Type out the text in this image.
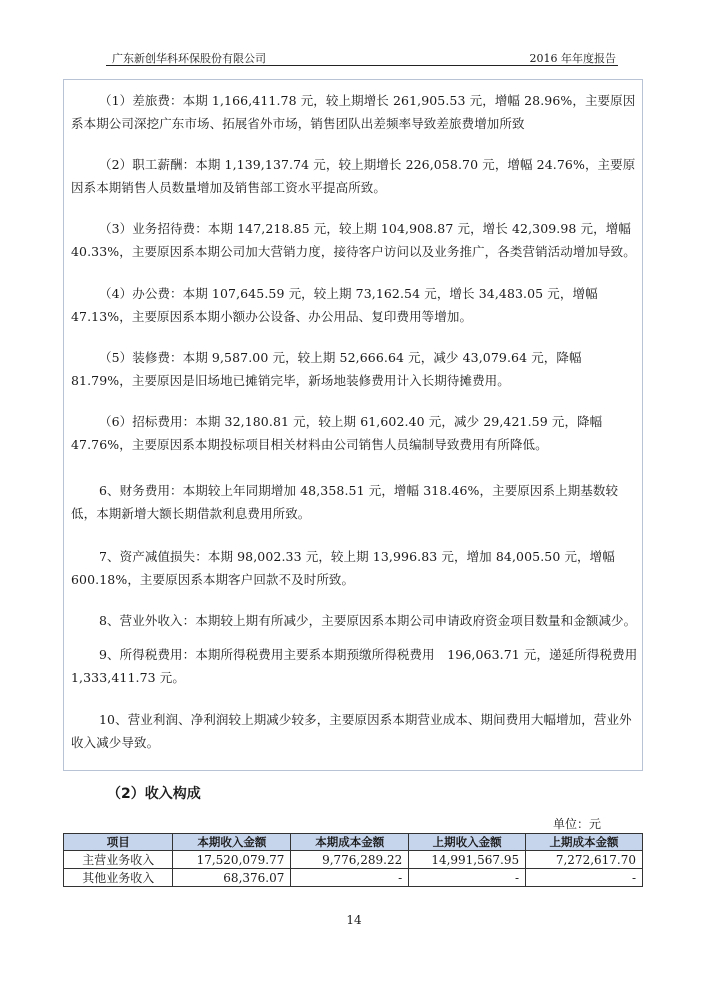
广东新创华科环保股份有限公司	2016 年年度报告

（1）差旅费：本期 1,166,411.78 元，较上期增长 261,905.53 元，增幅 28.96%，主要原因系本期公司深挖广东市场、拓展省外市场，销售团队出差频率导致差旅费增加所致

（2）职工薪酬：本期 1,139,137.74 元，较上期增长 226,058.70 元，增幅 24.76%，主要原因系本期销售人员数量增加及销售部工资水平提高所致。

（3）业务招待费：本期 147,218.85 元，较上期 104,908.87 元，增长 42,309.98 元，增幅 40.33%，主要原因系本期公司加大营销力度，接待客户访问以及业务推广，各类营销活动增加导致。

（4）办公费：本期 107,645.59 元，较上期 73,162.54 元，增长 34,483.05 元，增幅 47.13%，主要原因系本期小额办公设备、办公用品、复印费用等增加。

（5）装修费：本期 9,587.00 元，较上期 52,666.64 元，减少 43,079.64 元，降幅 81.79%，主要原因是旧场地已摊销完毕，新场地装修费用计入长期待摊费用。

（6）招标费用：本期 32,180.81 元，较上期 61,602.40 元，减少 29,421.59 元，降幅 47.76%，主要原因系本期投标项目相关材料由公司销售人员编制导致费用有所降低。

6、财务费用：本期较上年同期增加 48,358.51 元，增幅 318.46%，主要原因系上期基数较低，本期新增大额长期借款利息费用所致。

7、资产减值损失：本期 98,002.33 元，较上期 13,996.83 元，增加 84,005.50 元，增幅 600.18%，主要原因系本期客户回款不及时所致。

8、营业外收入：本期较上期有所减少，主要原因系本期公司申请政府资金项目数量和金额减少。

9、所得税费用：本期所得税费用主要系本期预缴所得税费用　196,063.71 元，递延所得税费用 1,333,411.73 元。

10、营业利润、净利润较上期减少较多，主要原因系本期营业成本、期间费用大幅增加，营业外收入减少导致。

（2）收入构成
单位：元
项目	本期收入金额	本期成本金额	上期收入金额	上期成本金额
主营业务收入	17,520,079.77	9,776,289.22	14,991,567.95	7,272,617.70
其他业务收入	68,376.07	-	-	-
14
